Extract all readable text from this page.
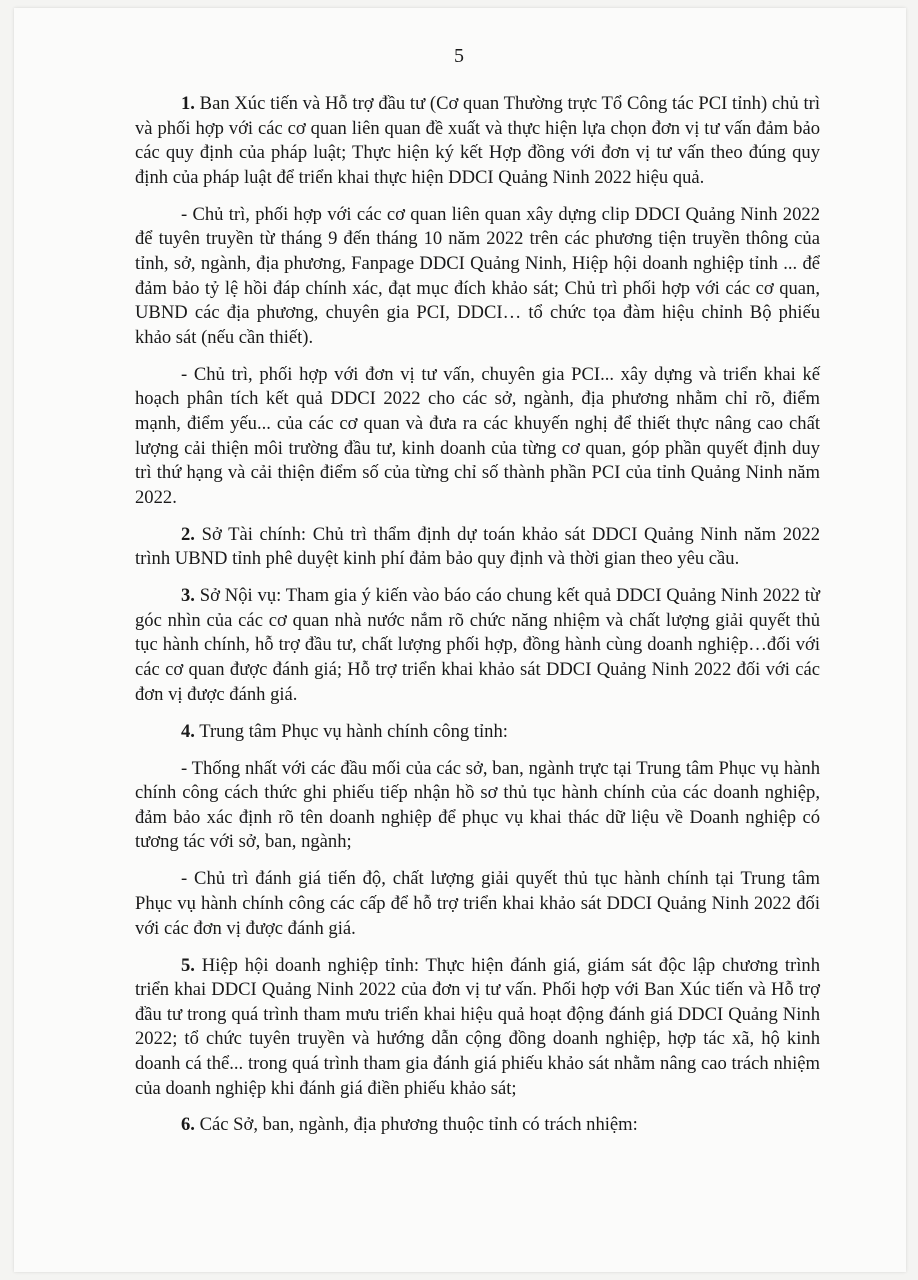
5

1. Ban Xúc tiến và Hỗ trợ đầu tư (Cơ quan Thường trực Tổ Công tác PCI tỉnh) chủ trì và phối hợp với các cơ quan liên quan đề xuất và thực hiện lựa chọn đơn vị tư vấn đảm bảo các quy định của pháp luật; Thực hiện ký kết Hợp đồng với đơn vị tư vấn theo đúng quy định của pháp luật để triển khai thực hiện DDCI Quảng Ninh 2022 hiệu quả.

- Chủ trì, phối hợp với các cơ quan liên quan xây dựng clip DDCI Quảng Ninh 2022 để tuyên truyền từ tháng 9 đến tháng 10 năm 2022 trên các phương tiện truyền thông của tỉnh, sở, ngành, địa phương, Fanpage DDCI Quảng Ninh, Hiệp hội doanh nghiệp tỉnh ... để đảm bảo tỷ lệ hồi đáp chính xác, đạt mục đích khảo sát; Chủ trì phối hợp với các cơ quan, UBND các địa phương, chuyên gia PCI, DDCI… tổ chức tọa đàm hiệu chỉnh Bộ phiếu khảo sát (nếu cần thiết).

- Chủ trì, phối hợp với đơn vị tư vấn, chuyên gia PCI... xây dựng và triển khai kế hoạch phân tích kết quả DDCI 2022 cho các sở, ngành, địa phương nhằm chỉ rõ, điểm mạnh, điểm yếu... của các cơ quan và đưa ra các khuyến nghị để thiết thực nâng cao chất lượng cải thiện môi trường đầu tư, kinh doanh của từng cơ quan, góp phần quyết định duy trì thứ hạng và cải thiện điểm số của từng chỉ số thành phần PCI của tỉnh Quảng Ninh năm 2022.

2. Sở Tài chính: Chủ trì thẩm định dự toán khảo sát DDCI Quảng Ninh năm 2022 trình UBND tỉnh phê duyệt kinh phí đảm bảo quy định và thời gian theo yêu cầu.

3. Sở Nội vụ: Tham gia ý kiến vào báo cáo chung kết quả DDCI Quảng Ninh 2022 từ góc nhìn của các cơ quan nhà nước nắm rõ chức năng nhiệm và chất lượng giải quyết thủ tục hành chính, hỗ trợ đầu tư, chất lượng phối hợp, đồng hành cùng doanh nghiệp…đối với các cơ quan được đánh giá; Hỗ trợ triển khai khảo sát DDCI Quảng Ninh 2022 đối với các đơn vị được đánh giá.

4. Trung tâm Phục vụ hành chính công tỉnh:

- Thống nhất với các đầu mối của các sở, ban, ngành trực tại Trung tâm Phục vụ hành chính công cách thức ghi phiếu tiếp nhận hồ sơ thủ tục hành chính của các doanh nghiệp, đảm bảo xác định rõ tên doanh nghiệp để phục vụ khai thác dữ liệu về Doanh nghiệp có tương tác với sở, ban, ngành;

- Chủ trì đánh giá tiến độ, chất lượng giải quyết thủ tục hành chính tại Trung tâm Phục vụ hành chính công các cấp để hỗ trợ triển khai khảo sát DDCI Quảng Ninh 2022 đối với các đơn vị được đánh giá.

5. Hiệp hội doanh nghiệp tỉnh: Thực hiện đánh giá, giám sát độc lập chương trình triển khai DDCI Quảng Ninh 2022 của đơn vị tư vấn. Phối hợp với Ban Xúc tiến và Hỗ trợ đầu tư trong quá trình tham mưu triển khai hiệu quả hoạt động đánh giá DDCI Quảng Ninh 2022; tổ chức tuyên truyền và hướng dẫn cộng đồng doanh nghiệp, hợp tác xã, hộ kinh doanh cá thể... trong quá trình tham gia đánh giá phiếu khảo sát nhằm nâng cao trách nhiệm của doanh nghiệp khi đánh giá điền phiếu khảo sát;

6. Các Sở, ban, ngành, địa phương thuộc tỉnh có trách nhiệm:
